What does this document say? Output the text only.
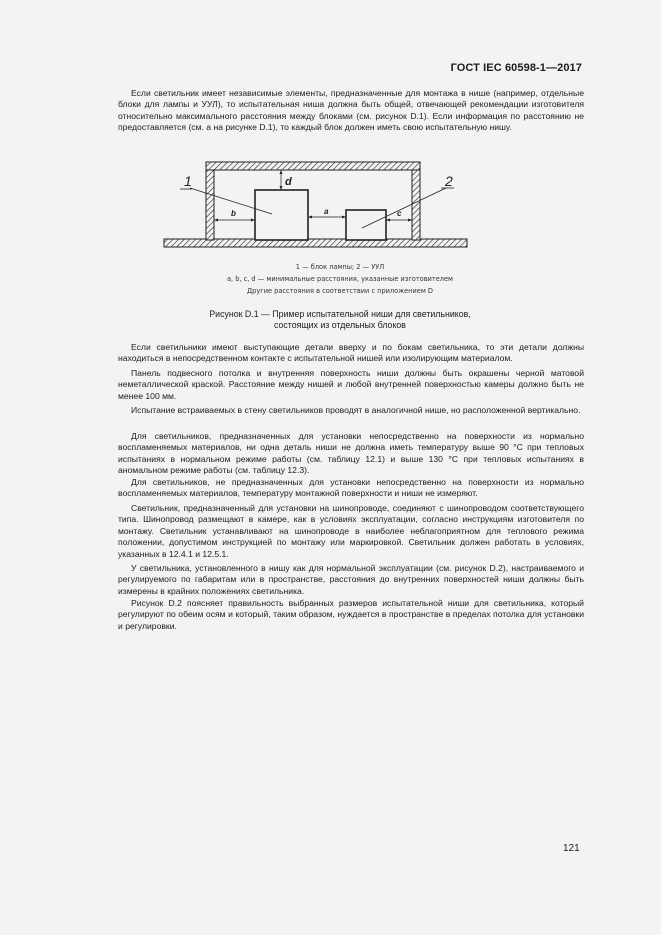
ГОСТ IEC 60598-1—2017
Если светильник имеет независимые элементы, предназначенные для монтажа в нише (например, отдельные блоки для лампы и УУЛ), то испытательная ниша должна быть общей, отвечающей рекомендации изготовителя относительно максимального расстояния между блоками (см. рисунок D.1). Если информация по расстоянию не предоставляется (см. a на рисунке D.1), то каждый блок должен иметь свою испытательную нишу.
1	2
b	a	c
d
1 — блок лампы; 2 — УУЛ
a, b, c, d — минимальные расстояния, указанные изготовителем
Другие расстояния в соответствии с приложением D
Рисунок D.1 — Пример испытательной ниши для светильников,
состоящих из отдельных блоков
Если светильники имеют выступающие детали вверху и по бокам светильника, то эти детали должны находиться в непосредственном контакте с испытательной нишей или изолирующим материалом.
Панель подвесного потолка и внутренняя поверхность ниши должны быть окрашены черной матовой неметаллической краской. Расстояние между нишей и любой внутренней поверхностью камеры должно быть не менее 100 мм.
Испытание встраиваемых в стену светильников проводят в аналогичной нише, но расположенной вертикально.
Для светильников, предназначенных для установки непосредственно на поверхности из нормально воспламеняемых материалов, ни одна деталь ниши не должна иметь температуру выше 90 °С при тепловых испытаниях в нормальном режиме работы (см. таблицу 12.1) и выше 130 °С при тепловых испытаниях в аномальном режиме работы (см. таблицу 12.3).
Для светильников, не предназначенных для установки непосредственно на поверхности из нормально воспламеняемых материалов, температуру монтажной поверхности и ниши не измеряют.
Светильник, предназначенный для установки на шинопроводе, соединяют с шинопроводом соответствующего типа. Шинопровод размещают в камере, как в условиях эксплуатации, согласно инструкциям изготовителя по монтажу. Светильник устанавливают на шинопроводе в наиболее неблагоприятном для теплового режима положении, допустимом инструкцией по монтажу или маркировкой. Светильник должен работать в условиях, указанных в 12.4.1 и 12.5.1.
У светильника, установленного в нишу как для нормальной эксплуатации (см. рисунок D.2), настраиваемого и регулируемого по габаритам или в пространстве, расстояния до внутренних поверхностей ниши должны быть измерены в крайних положениях светильника.
Рисунок D.2 поясняет правильность выбранных размеров испытательной ниши для светильника, который регулируют по обеим осям и который, таким образом, нуждается в пространстве в пределах потолка для установки и регулировки.
121
